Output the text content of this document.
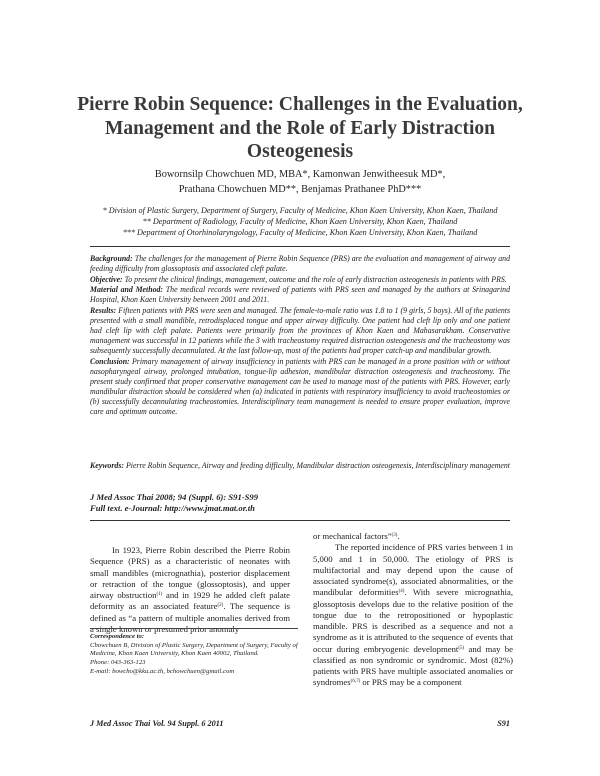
Pierre Robin Sequence: Challenges in the Evaluation, Management and the Role of Early Distraction Osteogenesis
Bowornsilp Chowchuen MD, MBA*, Kamonwan Jenwitheesuk MD*,
Prathana Chowchuen MD**, Benjamas Prathanee PhD***
* Division of Plastic Surgery, Department of Surgery, Faculty of Medicine, Khon Kaen University, Khon Kaen, Thailand
** Department of Radiology, Faculty of Medicine, Khon Kaen University, Khon Kaen, Thailand
*** Department of Otorhinolaryngology, Faculty of Medicine, Khon Kaen University, Khon Kaen, Thailand

Background: The challenges for the management of Pierre Robin Sequence (PRS) are the evaluation and management of airway and feeding difficulty from glossoptosis and associated cleft palate.

Objective: To present the clinical findings, management, outcome and the role of early distraction osteogenesis in patients with PRS.

Material and Method: The medical records were reviewed of patients with PRS seen and managed by the authors at Srinagarind Hospital, Khon Kaen University between 2001 and 2011.

Results: Fifteen patients with PRS were seen and managed. The female-to-male ratio was 1.8 to 1 (9 girls, 5 boys). All of the patients presented with a small mandible, retrodisplaced tongue and upper airway difficulty. One patient had cleft lip only and one patient had cleft lip with cleft palate. Patients were primarily from the provinces of Khon Kaen and Mahasarakham. Conservative management was successful in 12 patients while the 3 with tracheostomy required distraction osteogenesis and the tracheostomy was subsequently successfully decannulated. At the last follow-up, most of the patients had proper catch-up and mandibular growth.

Conclusion: Primary management of airway insufficiency in patients with PRS can be managed in a prone position with or without nasopharyngeal airway, prolonged intubation, tongue-lip adhesion, mandibular distraction osteogenesis and tracheostomy. The present study confirmed that proper conservative management can be used to manage most of the patients with PRS. However, early mandibular distraction should be considered when (a) indicated in patients with respiratory insufficiency to avoid tracheostomies or (b) successfully decannulating tracheostomies. Interdisciplinary team management is needed to ensure proper evaluation, improve care and optimum outcome.

Keywords: Pierre Robin Sequence, Airway and feeding difficulty, Mandibular distraction osteogenesis, Interdisciplinary management
J Med Assoc Thai 2008; 94 (Suppl. 6): S91-S99
Full text. e-Journal: http://www.jmat.mat.or.th

In 1923, Pierre Robin described the Pierre Robin Sequence (PRS) as a characteristic of neonates with small mandibles (micrognathia), posterior displacement or retraction of the tongue (glossoptosis), and upper airway obstruction$^{(1)}$ and in 1929 he added cleft palate deformity as an associated feature$^{(2)}$. The sequence is defined as “a pattern of multiple anomalies derived from a single known or presumed prior anomaly

Correspondence to:

Chowchuen B, Division of Plastic Surgery, Department of Surgery, Faculty of Medicine, Khon Kaen University, Khon Kaen 40002, Thailand.

Phone: 043-363-123

E-mail: bowcho@kku.ac.th, bchowchuen@gmail.com

or mechanical factors”$^{(3)}$.

The reported incidence of PRS varies between 1 in 5,000 and 1 in 50,000. The etiology of PRS is multifactorial and may depend upon the cause of associated syndrome(s), associated abnormalities, or the mandibular deformities$^{(4)}$. With severe micrognathia, glossoptosis develops due to the relative position of the tongue due to the retropositioned or hypoplastic mandible. PRS is described as a sequence and not a syndrome as it is attributed to the sequence of events that occur during embryogenic development$^{(5)}$ and may be classified as non syndromic or syndromic. Most (82%) patients with PRS have multiple associated anomalies or syndromes$^{(6,7)}$ or PRS may be a component

J Med Assoc Thai Vol. 94 Suppl. 6 2011	S91
